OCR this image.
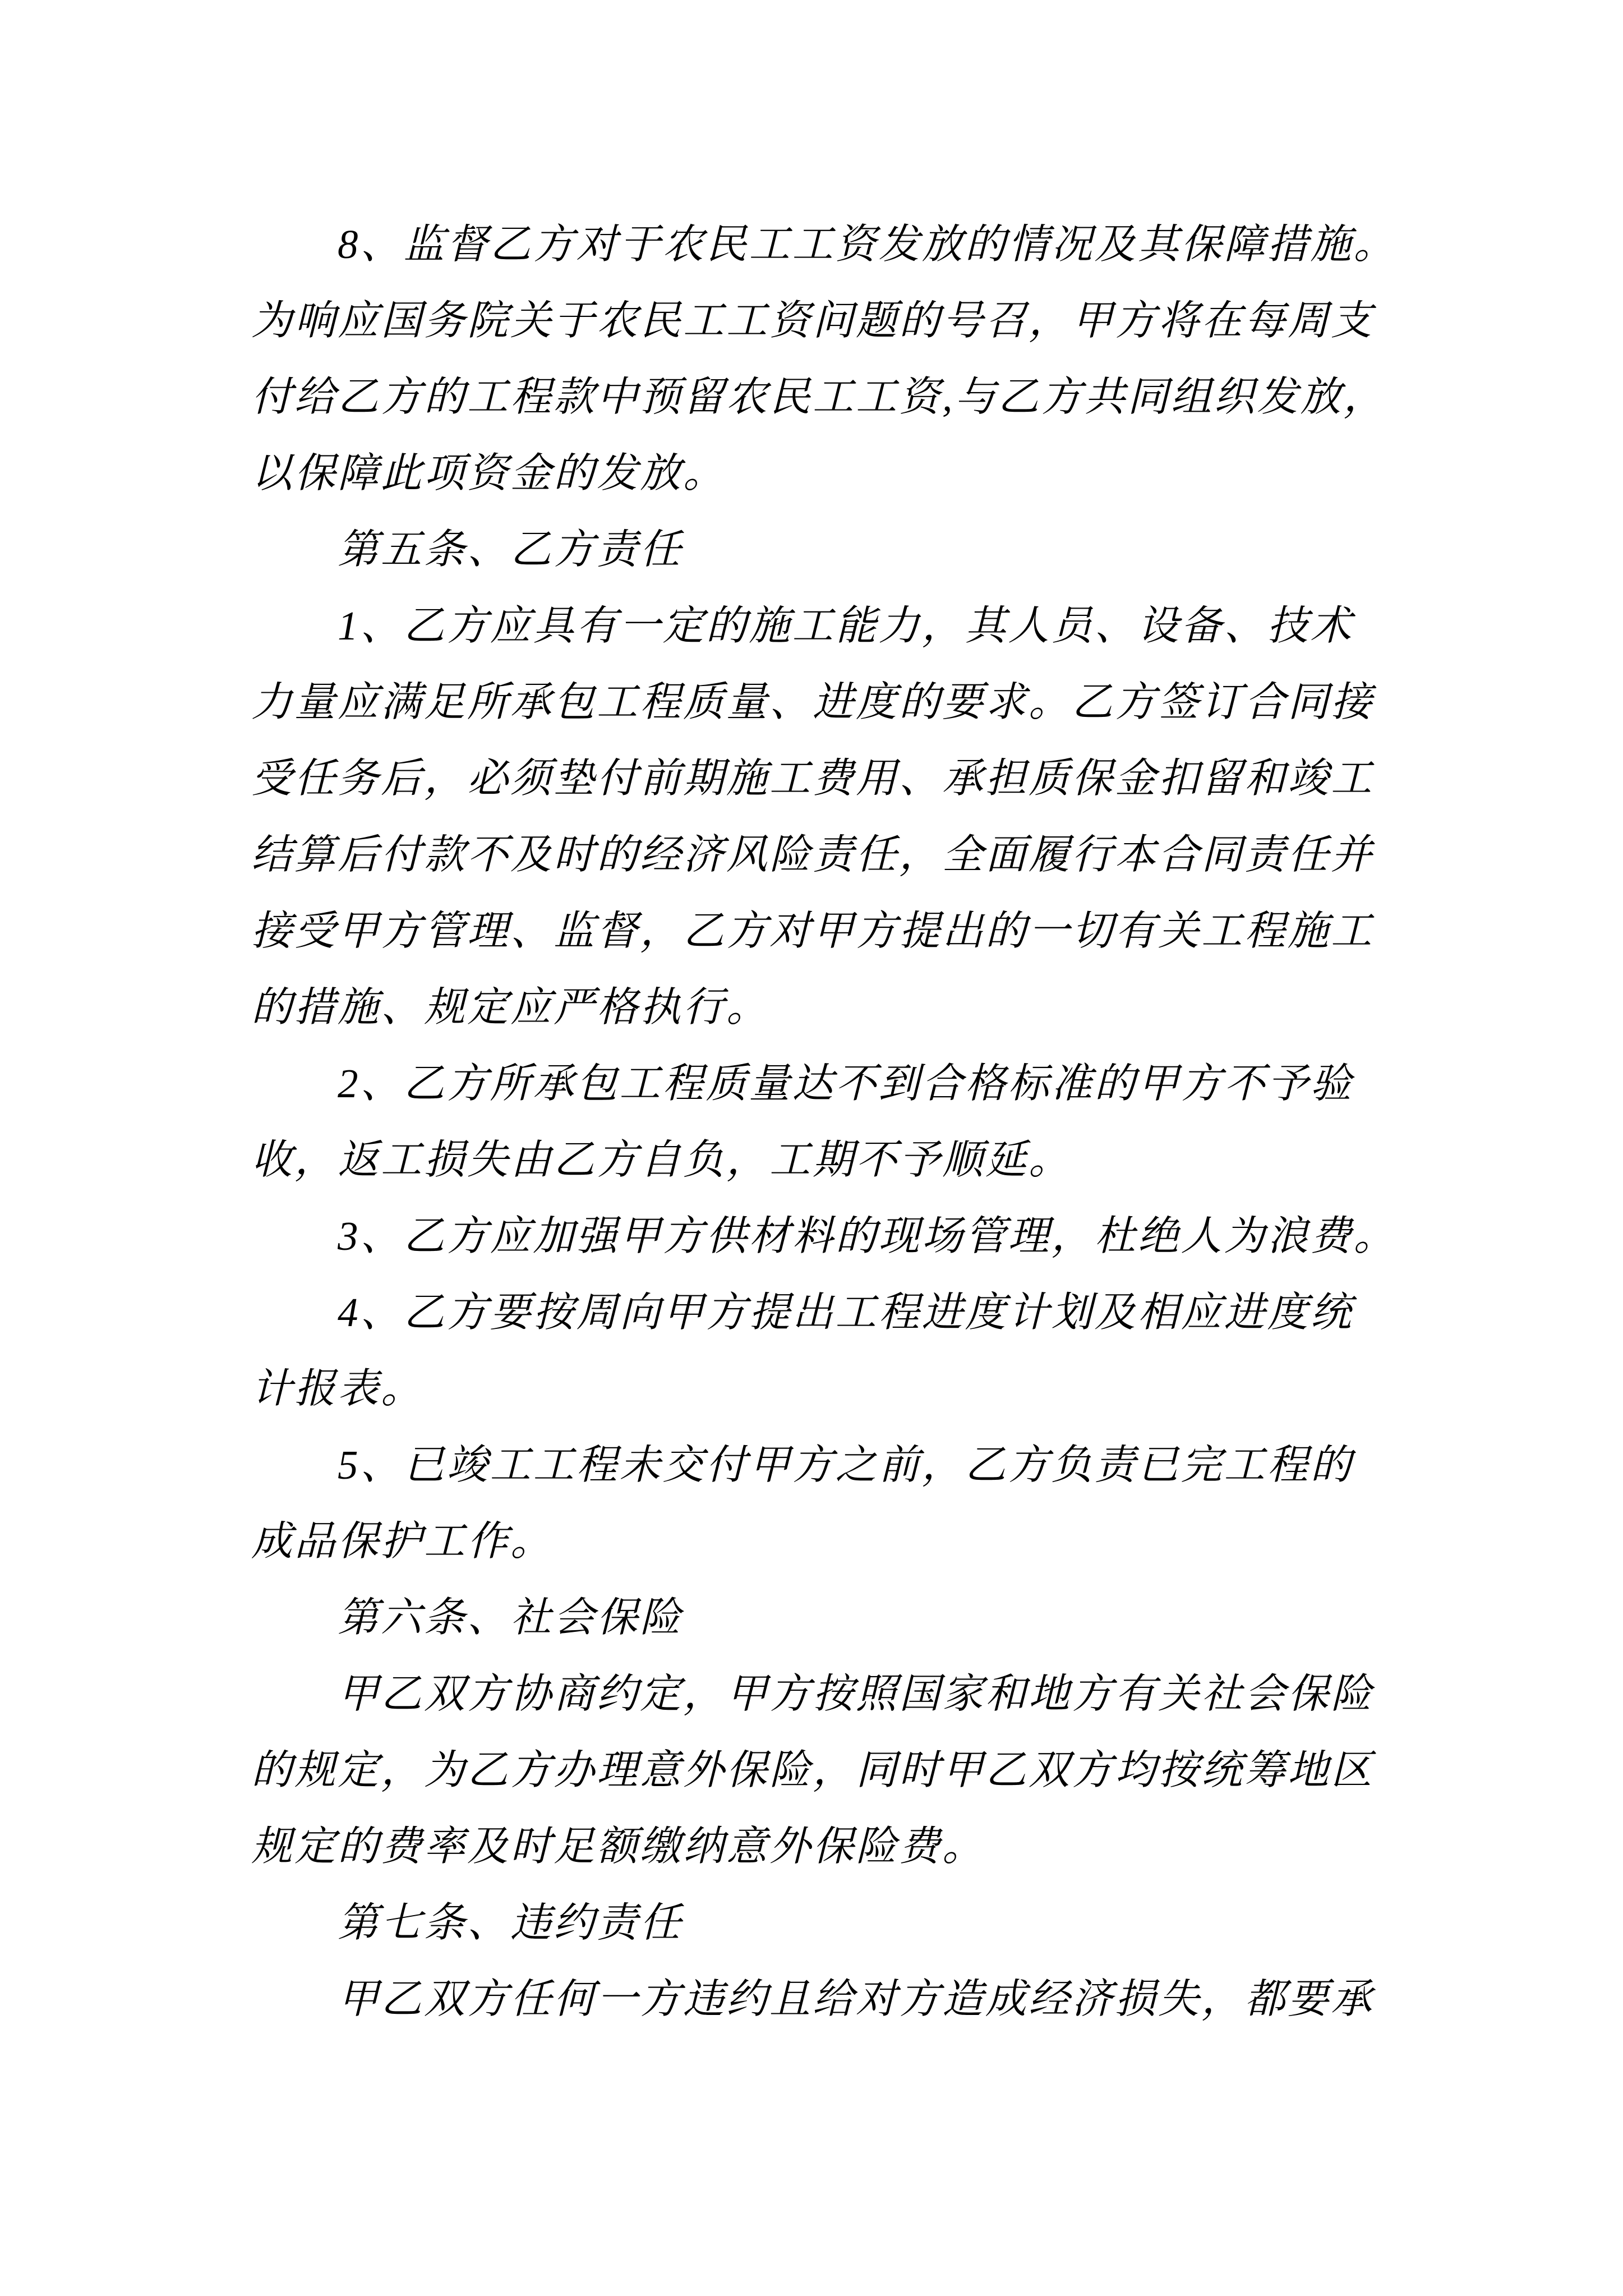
8、监督乙方对于农民工工资发放的情况及其保障措施。
为响应国务院关于农民工工资问题的号召，甲方将在每周支
付给乙方的工程款中预留农民工工资,与乙方共同组织发放，
以保障此项资金的发放。
第五条、乙方责任
1、乙方应具有一定的施工能力，其人员、设备、技术
力量应满足所承包工程质量、进度的要求。乙方签订合同接
受任务后，必须垫付前期施工费用、承担质保金扣留和竣工
结算后付款不及时的经济风险责任，全面履行本合同责任并
接受甲方管理、监督，乙方对甲方提出的一切有关工程施工
的措施、规定应严格执行。
2、乙方所承包工程质量达不到合格标准的甲方不予验
收，返工损失由乙方自负，工期不予顺延。
3、乙方应加强甲方供材料的现场管理，杜绝人为浪费。
4、乙方要按周向甲方提出工程进度计划及相应进度统
计报表。
5、已竣工工程未交付甲方之前，乙方负责已完工程的
成品保护工作。
第六条、社会保险
甲乙双方协商约定，甲方按照国家和地方有关社会保险
的规定，为乙方办理意外保险，同时甲乙双方均按统筹地区
规定的费率及时足额缴纳意外保险费。
第七条、违约责任
甲乙双方任何一方违约且给对方造成经济损失，都要承
